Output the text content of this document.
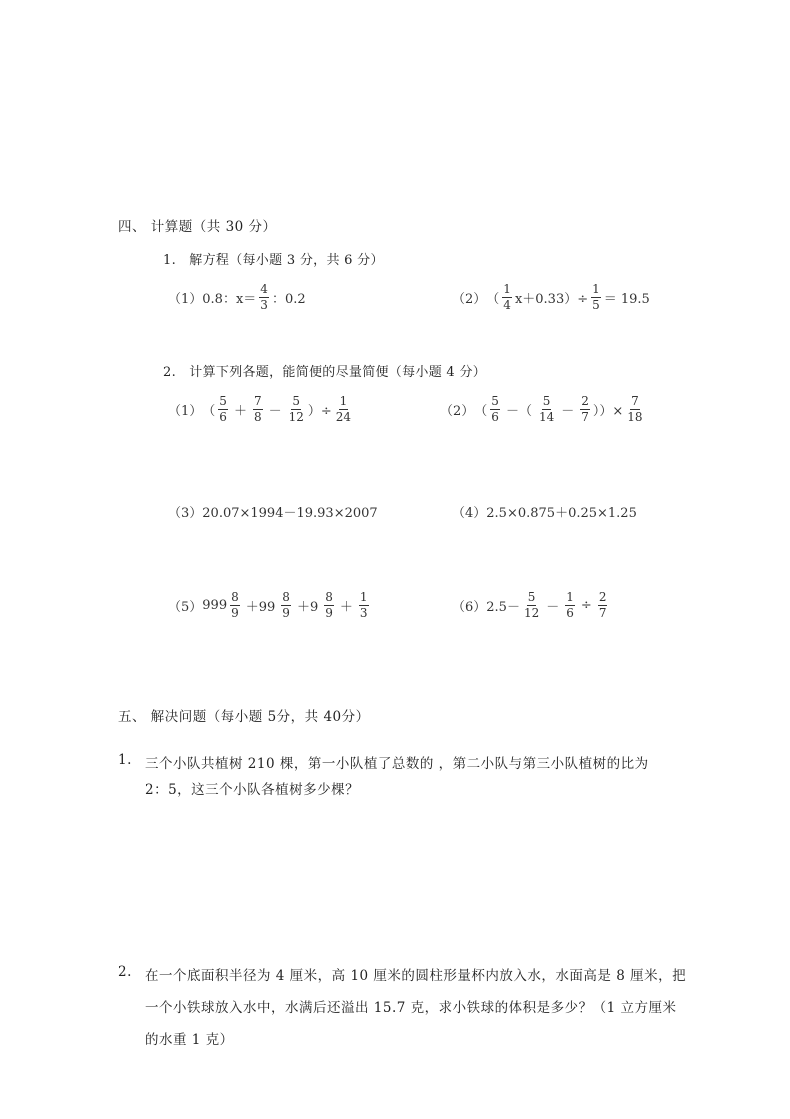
四、 计算题（共 30 分）
1.　解方程（每小题 3 分，共 6 分）
（1） 0.8：$x= \frac{4}{3}$ ：0.2	（2） （ $\frac{1}{4} x+0.33)\div \frac{1}{5} = 19.5$
2.　计算下列各题，能简便的尽量简便（每小题 4 分）
（1） （ $\frac{5}{6} + \frac{7}{8} - \frac{5}{12}$ ）÷ $\frac{1}{24}$	（2） （ $\frac{5}{6}$ －（ $\frac{5}{14} - \frac{2}{7}$ ））× $\frac{7}{18}$
（3） 20.07×1994－19.93×2007	（4） 2.5×0.875＋0.25×1.25
（5） $999 \frac{8}{9} +99 \frac{8}{9} +9 \frac{8}{9} + \frac{1}{3}$	（6） $2.5- \frac{5}{12} - \frac{1}{6} \div \frac{2}{7}$
五、 解决问题（每小题 5分，共 40分）
1. 三个小队共植树 210 棵，第一小队植了总数的 ，第二小队与第三小队植树的比为
2：5，这三个小队各植树多少棵？
2. 在一个底面积半径为 4 厘米，高 10 厘米的圆柱形量杯内放入水，水面高是 8 厘米，把
一个小铁球放入水中，水满后还溢出 15.7 克，求小铁球的体积是多少？（1 立方厘米
的水重 1 克）
